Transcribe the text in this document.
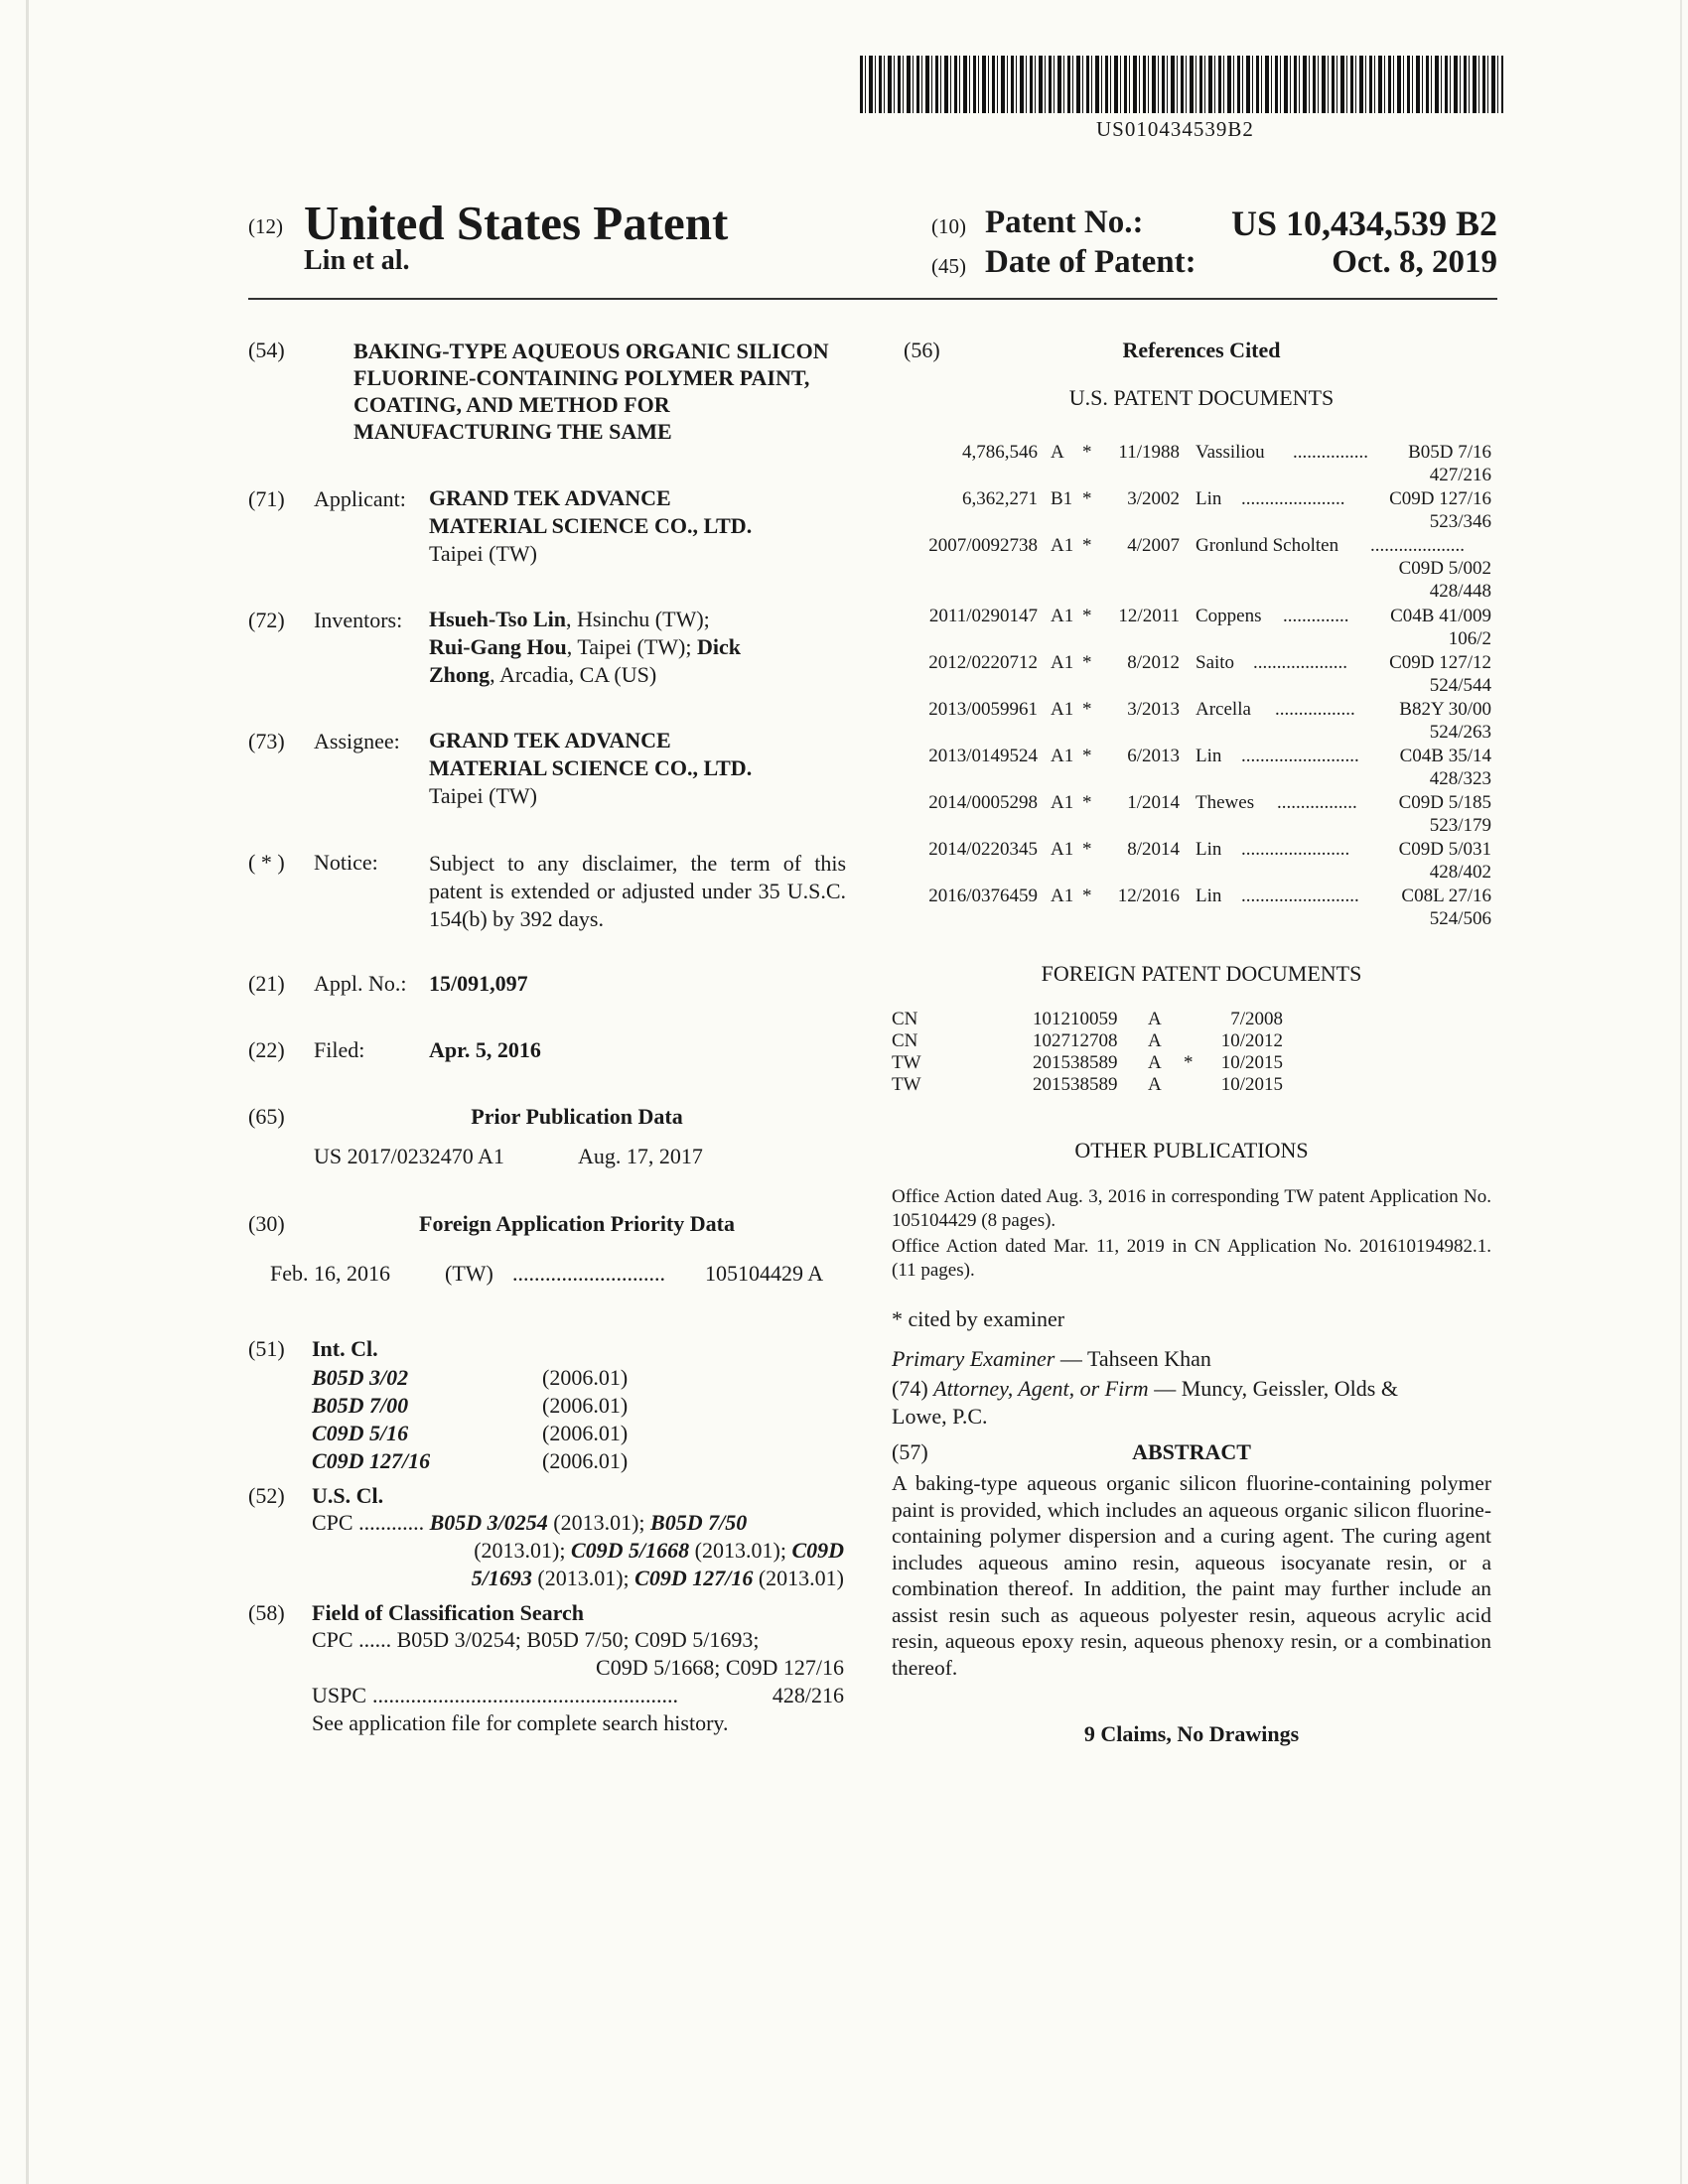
US010434539B2
(12) United States Patent
Lin et al.
(10) Patent No.: US 10,434,539 B2
(45) Date of Patent:	Oct. 8, 2019
(54)	BAKING-TYPE AQUEOUS ORGANIC SILICON FLUORINE-CONTAINING POLYMER PAINT, COATING, AND METHOD FOR MANUFACTURING THE SAME
(71) Applicant: GRAND TEK ADVANCE
MATERIAL SCIENCE CO., LTD.
Taipei (TW)
(72) Inventors: Hsueh-Tso Lin, Hsinchu (TW);
Rui-Gang Hou, Taipei (TW); Dick
Zhong, Arcadia, CA (US)
(73) Assignee: GRAND TEK ADVANCE
MATERIAL SCIENCE CO., LTD.
Taipei (TW)
( * ) Notice: Subject to any disclaimer, the term of this patent is extended or adjusted under 35 U.S.C. 154(b) by 392 days.
(21) Appl. No.: 15/091,097
(22) Filed:	Apr. 5, 2016
(65)	Prior Publication Data
US 2017/0232470 A1	Aug. 17, 2017
(30)	Foreign Application Priority Data
Feb. 16, 2016	(TW) ............................ 105104429 A
(51) Int. Cl.
B05D 3/02	(2006.01)
B05D 7/00	(2006.01)
C09D 5/16	(2006.01)
C09D 127/16	(2006.01)
(52) U.S. Cl.
CPC ............ B05D 3/0254 (2013.01); B05D 7/50
(2013.01); C09D 5/1668 (2013.01); C09D
5/1693 (2013.01); C09D 127/16 (2013.01)
(58) Field of Classification Search
CPC ...... B05D 3/0254; B05D 7/50; C09D 5/1693;
C09D 5/1668; C09D 127/16
USPC ........................................................	428/216
See application file for complete search history.
(56)	References Cited
U.S. PATENT DOCUMENTS
4,786,546 A *	11/1988 Vassiliou ................	B05D 7/16
427/216
6,362,271 B1 *	3/2002 Lin ......................	C09D 127/16
523/346
2007/0092738 A1 *	4/2007 Gronlund Scholten ....................
C09D 5/002
428/448
2011/0290147 A1 *	12/2011 Coppens ..............	C04B 41/009
106/2
2012/0220712 A1 *	8/2012 Saito ....................	C09D 127/12
524/544
2013/0059961 A1 *	3/2013 Arcella .................	B82Y 30/00
524/263
2013/0149524 A1 *	6/2013 Lin .........................	C04B 35/14
428/323
2014/0005298 A1 *	1/2014 Thewes .................	C09D 5/185
523/179
2014/0220345 A1 *	8/2014 Lin .......................	C09D 5/031
428/402
2016/0376459 A1 *	12/2016 Lin .........................	C08L 27/16
524/506
FOREIGN PATENT DOCUMENTS
CN	101210059 A	7/2008
CN	102712708 A	10/2012
TW	201538589 A *	10/2015
TW	201538589 A	10/2015
OTHER PUBLICATIONS
Office Action dated Aug. 3, 2016 in corresponding TW patent Application No. 105104429 (8 pages).
Office Action dated Mar. 11, 2019 in CN Application No. 201610194982.1. (11 pages).
* cited by examiner
Primary Examiner — Tahseen Khan
(74) Attorney, Agent, or Firm — Muncy, Geissler, Olds &
Lowe, P.C.
(57)	ABSTRACT
A baking-type aqueous organic silicon fluorine-containing polymer paint is provided, which includes an aqueous organic silicon fluorine-containing polymer dispersion and a curing agent. The curing agent includes aqueous amino resin, aqueous isocyanate resin, or a combination thereof. In addition, the paint may further include an assist resin such as aqueous polyester resin, aqueous acrylic acid resin, aqueous epoxy resin, aqueous phenoxy resin, or a combination thereof.
9 Claims, No Drawings
